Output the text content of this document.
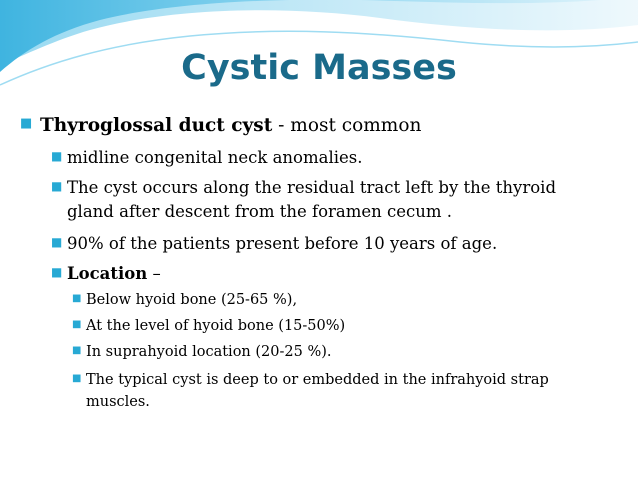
Cystic Masses
■ Thyroglossal duct cyst - most common
■ midline congenital neck anomalies.
■ The cyst occurs along the residual tract left by the thyroid
gland after descent from the foramen cecum .
■ 90% of the patients present before 10 years of age.
■ Location –
■ Below hyoid bone (25-65 %),
■ At the level of hyoid bone (15-50%)
■ In suprahyoid location (20-25 %).
■ The typical cyst is deep to or embedded in the infrahyoid strap
muscles.
